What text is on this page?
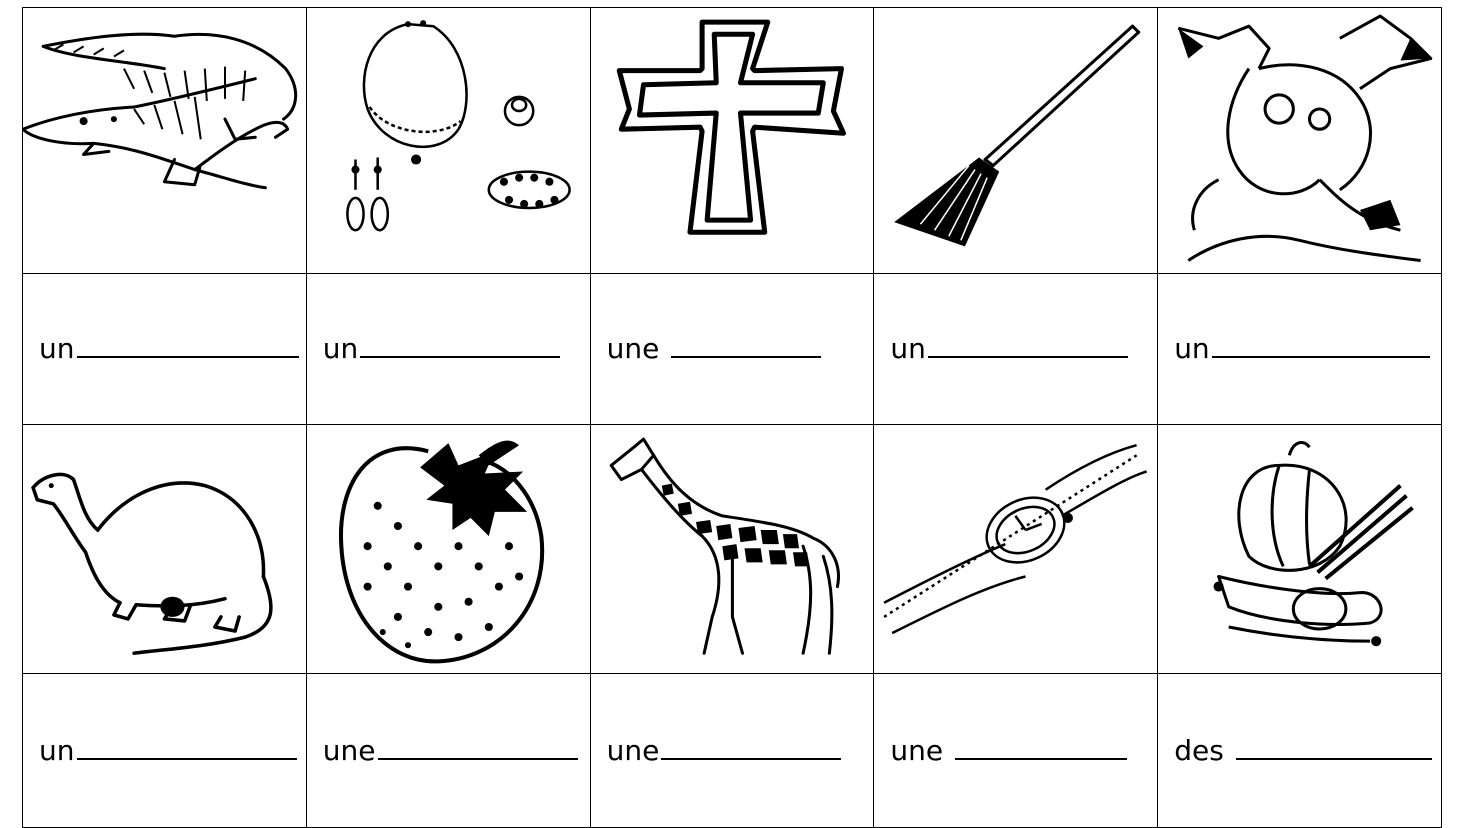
un	un	une	un	un

un	une	une	une	des
